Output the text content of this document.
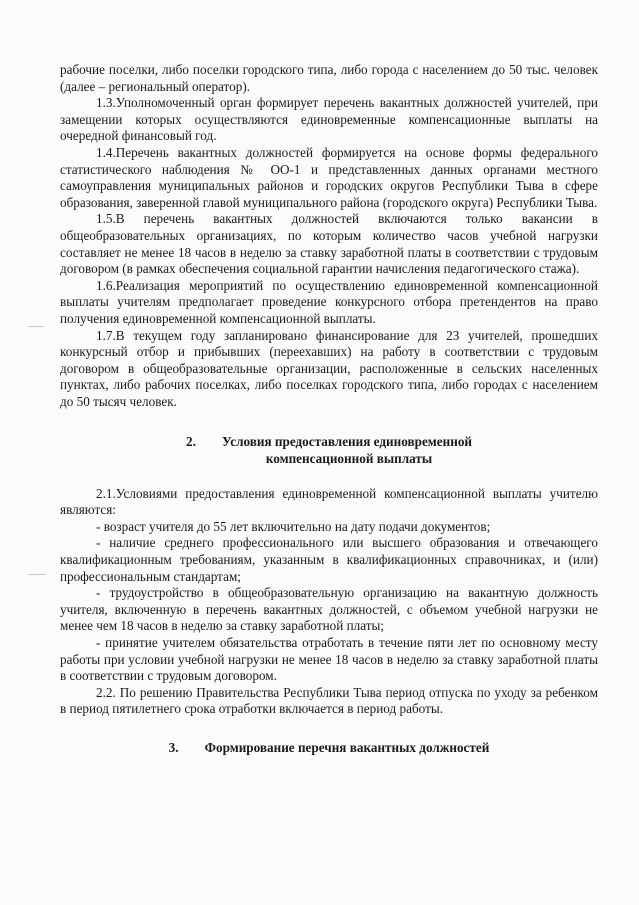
рабочие поселки, либо поселки городского типа, либо города с населением до 50 тыс. человек (далее – региональный оператор).

1.3.Уполномоченный орган формирует перечень вакантных должностей учителей, при замещении которых осуществляются единовременные компенсационные выплаты на очередной финансовый год.

1.4.Перечень вакантных должностей формируется на основе формы федерального статистического наблюдения № ОО-1 и представленных данных органами местного самоуправления муниципальных районов и городских округов Республики Тыва в сфере образования, заверенной главой муниципального района (городского округа) Республики Тыва.

1.5.В перечень вакантных должностей включаются только вакансии в общеобразовательных организациях, по которым количество часов учебной нагрузки составляет не менее 18 часов в неделю за ставку заработной платы в соответствии с трудовым договором (в рамках обеспечения социальной гарантии начисления педагогического стажа).

1.6.Реализация мероприятий по осуществлению единовременной компенсационной выплаты учителям предполагает проведение конкурсного отбора претендентов на право получения единовременной компенсационной выплаты.

1.7.В текущем году запланировано финансирование для 23 учителей, прошедших конкурсный отбор и прибывших (переехавших) на работу в соответствии с трудовым договором в общеобразовательные организации, расположенные в сельских населенных пунктах, либо рабочих поселках, либо поселках городского типа, либо городах с населением до 50 тысяч человек.

2. Условия предоставления единовременной
компенсационной выплаты

2.1.Условиями предоставления единовременной компенсационной выплаты учителю являются:

- возраст учителя до 55 лет включительно на дату подачи документов;

- наличие среднего профессионального или высшего образования и отвечающего квалификационным требованиям, указанным в квалификационных справочниках, и (или) профессиональным стандартам;

- трудоустройство в общеобразовательную организацию на вакантную должность учителя, включенную в перечень вакантных должностей, с объемом учебной нагрузки не менее чем 18 часов в неделю за ставку заработной платы;

- принятие учителем обязательства отработать в течение пяти лет по основному месту работы при условии учебной нагрузки не менее 18 часов в неделю за ставку заработной платы в соответствии с трудовым договором.

2.2. По решению Правительства Республики Тыва период отпуска по уходу за ребенком в период пятилетнего срока отработки включается в период работы.

3. Формирование перечня вакантных должностей
